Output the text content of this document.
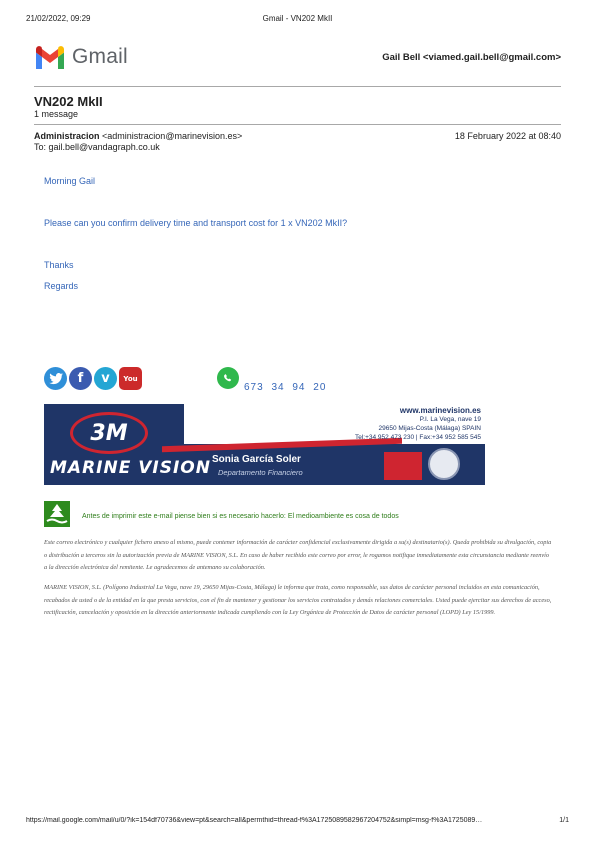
21/02/2022, 09:29	Gmail - VN202 MkII
Gmail	Gail Bell <viamed.gail.bell@gmail.com>
VN202 MkII
1 message
Administracion <administracion@marinevision.es>	18 February 2022 at 08:40
To: gail.bell@vandagraph.co.uk
Morning Gail
Please can you confirm delivery time and transport cost for 1 x VN202 MkII?
Thanks
Regards
f	v	You
673 34 94 20
3M
MARINE VISION
www.marinevision.es
P.I. La Vega, nave 19
29650 Mijas-Costa (Málaga) SPAIN
Tel:+34 952 473 230 | Fax:+34 952 585 545
Sonia García Soler
Departamento Financiero
Antes de imprimir este e-mail piense bien si es necesario hacerlo: El medioambiente es cosa de todos
Este correo electrónico y cualquier fichero anexo al mismo, puede contener información de carácter confidencial exclusivamente dirigida a su(s) destinatario(s). Queda prohibida su divulgación, copia o distribución a terceros sin la autorización previa de MARINE VISION, S.L. En caso de haber recibido este correo por error, le rogamos notifique inmediatamente esta circunstancia mediante reenvío a la dirección electrónica del remitente. Le agradecemos de antemano su colaboración.
MARINE VISION, S.L. (Polígono Industrial La Vega, nave 19, 29650 Mijas-Costa, Málaga) le informa que trata, como responsable, sus datos de carácter personal incluidos en esta comunicación, recabados de usted o de la entidad en la que presta servicios, con el fin de mantener y gestionar los servicios contratados y demás relaciones comerciales. Usted puede ejercitar sus derechos de acceso, rectificación, cancelación y oposición en la dirección anteriormente indicada cumpliendo con la Ley Orgánica de Protección de Datos de carácter personal (LOPD) Ley 15/1999.
https://mail.google.com/mail/u/0/?ik=154df70736&view=pt&search=all&permthid=thread-f%3A1725089582967204752&simpl=msg-f%3A1725089…	1/1
